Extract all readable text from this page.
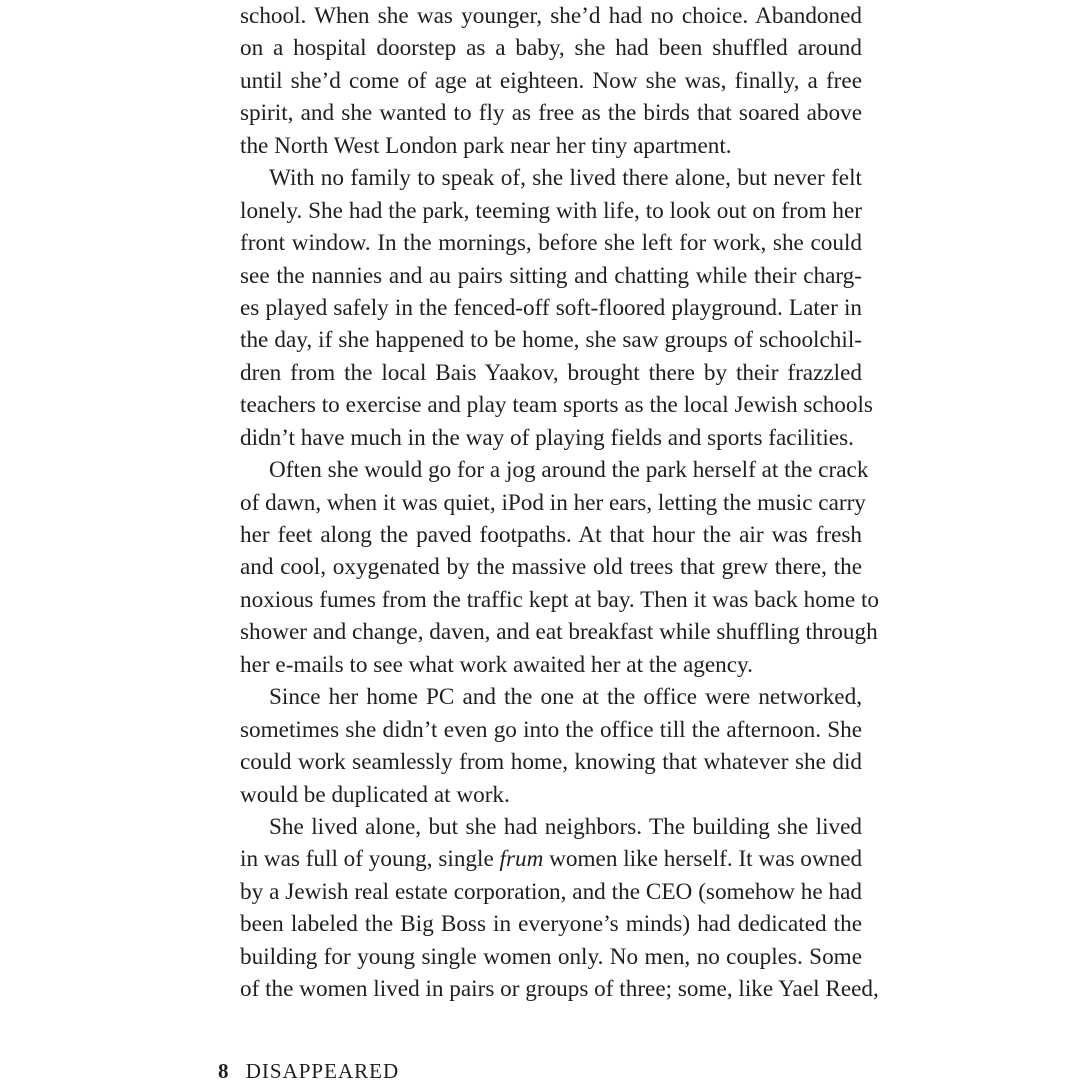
school. When she was younger, she’d had no choice. Abandoned
on a hospital doorstep as a baby, she had been shuffled around
until she’d come of age at eighteen. Now she was, finally, a free
spirit, and she wanted to fly as free as the birds that soared above
the North West London park near her tiny apartment.
With no family to speak of, she lived there alone, but never felt
lonely. She had the park, teeming with life, to look out on from her
front window. In the mornings, before she left for work, she could
see the nannies and au pairs sitting and chatting while their charg-
es played safely in the fenced-off soft-floored playground. Later in
the day, if she happened to be home, she saw groups of schoolchil-
dren from the local Bais Yaakov, brought there by their frazzled
teachers to exercise and play team sports as the local Jewish schools
didn’t have much in the way of playing fields and sports facilities.
Often she would go for a jog around the park herself at the crack
of dawn, when it was quiet, iPod in her ears, letting the music carry
her feet along the paved footpaths. At that hour the air was fresh
and cool, oxygenated by the massive old trees that grew there, the
noxious fumes from the traffic kept at bay. Then it was back home to
shower and change, daven, and eat breakfast while shuffling through
her e-mails to see what work awaited her at the agency.
Since her home PC and the one at the office were networked,
sometimes she didn’t even go into the office till the afternoon. She
could work seamlessly from home, knowing that whatever she did
would be duplicated at work.
She lived alone, but she had neighbors. The building she lived
in was full of young, single frum women like herself. It was owned
by a Jewish real estate corporation, and the CEO (somehow he had
been labeled the Big Boss in everyone’s minds) had dedicated the
building for young single women only. No men, no couples. Some
of the women lived in pairs or groups of three; some, like Yael Reed,
8 DISAPPEARED
